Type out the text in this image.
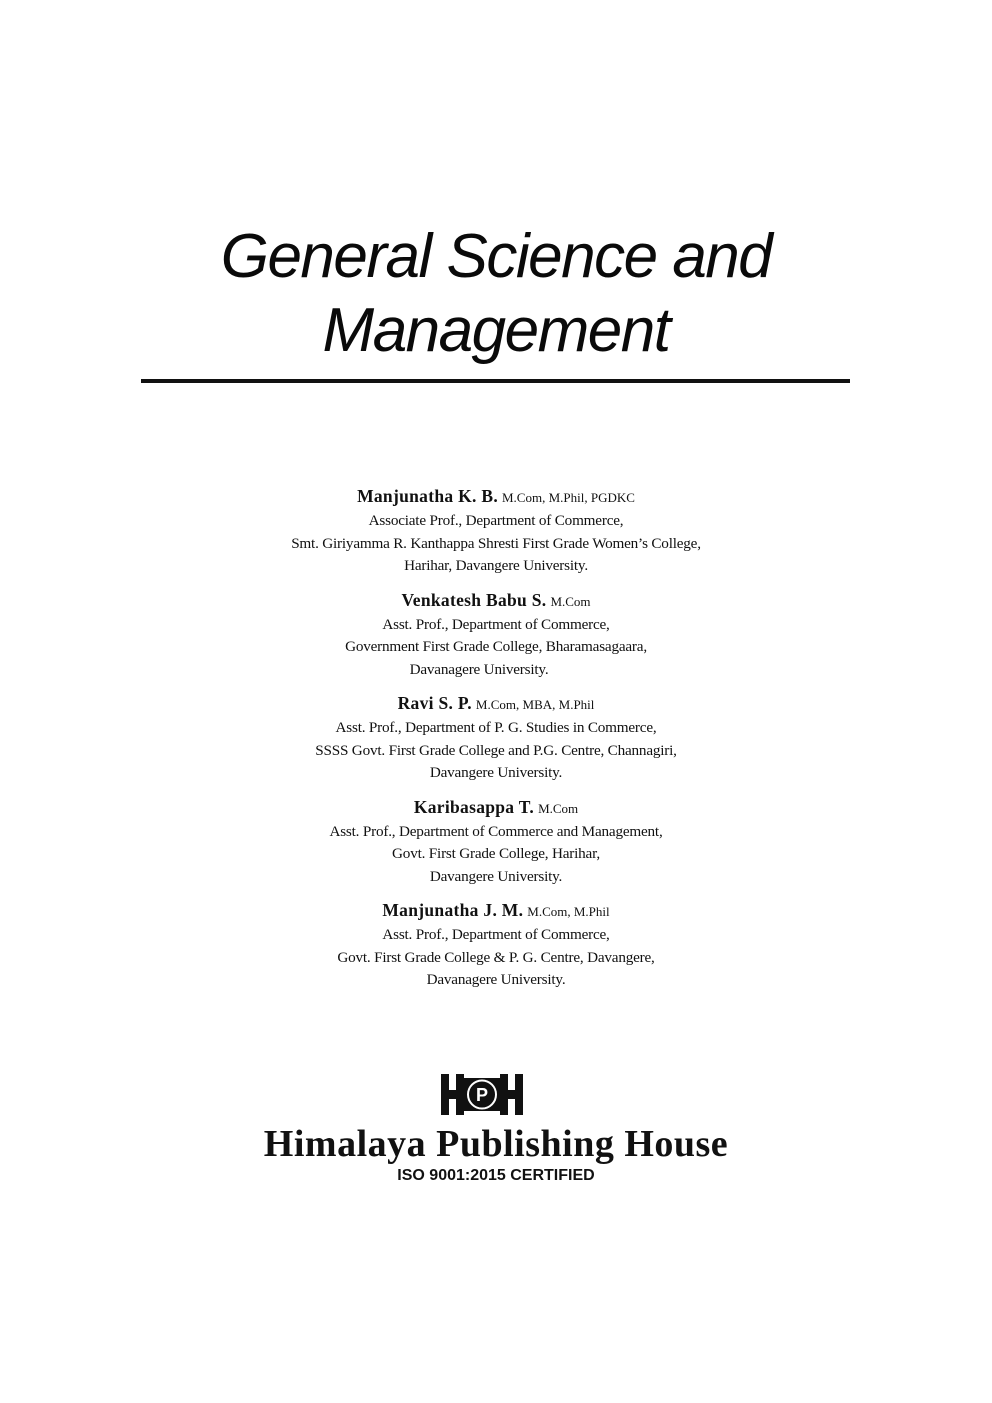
General Science and
Management
Manjunatha K. B. M.Com, M.Phil, PGDKC
Associate Prof., Department of Commerce,
Smt. Giriyamma R. Kanthappa Shresti First Grade Women’s College,
Harihar, Davangere University.
Venkatesh Babu S. M.Com
Asst. Prof., Department of Commerce,
Government First Grade College, Bharamasagaara,
Davanagere University.
Ravi S. P. M.Com, MBA, M.Phil
Asst. Prof., Department of P. G. Studies in Commerce,
SSSS Govt. First Grade College and P.G. Centre, Channagiri,
Davangere University.
Karibasappa T. M.Com
Asst. Prof., Department of Commerce and Management,
Govt. First Grade College, Harihar,
Davangere University.
Manjunatha J. M. M.Com, M.Phil
Asst. Prof., Department of Commerce,
Govt. First Grade College & P. G. Centre, Davangere,
Davanagere University.
P
Himalaya Publishing House
ISO 9001:2015 CERTIFIED
